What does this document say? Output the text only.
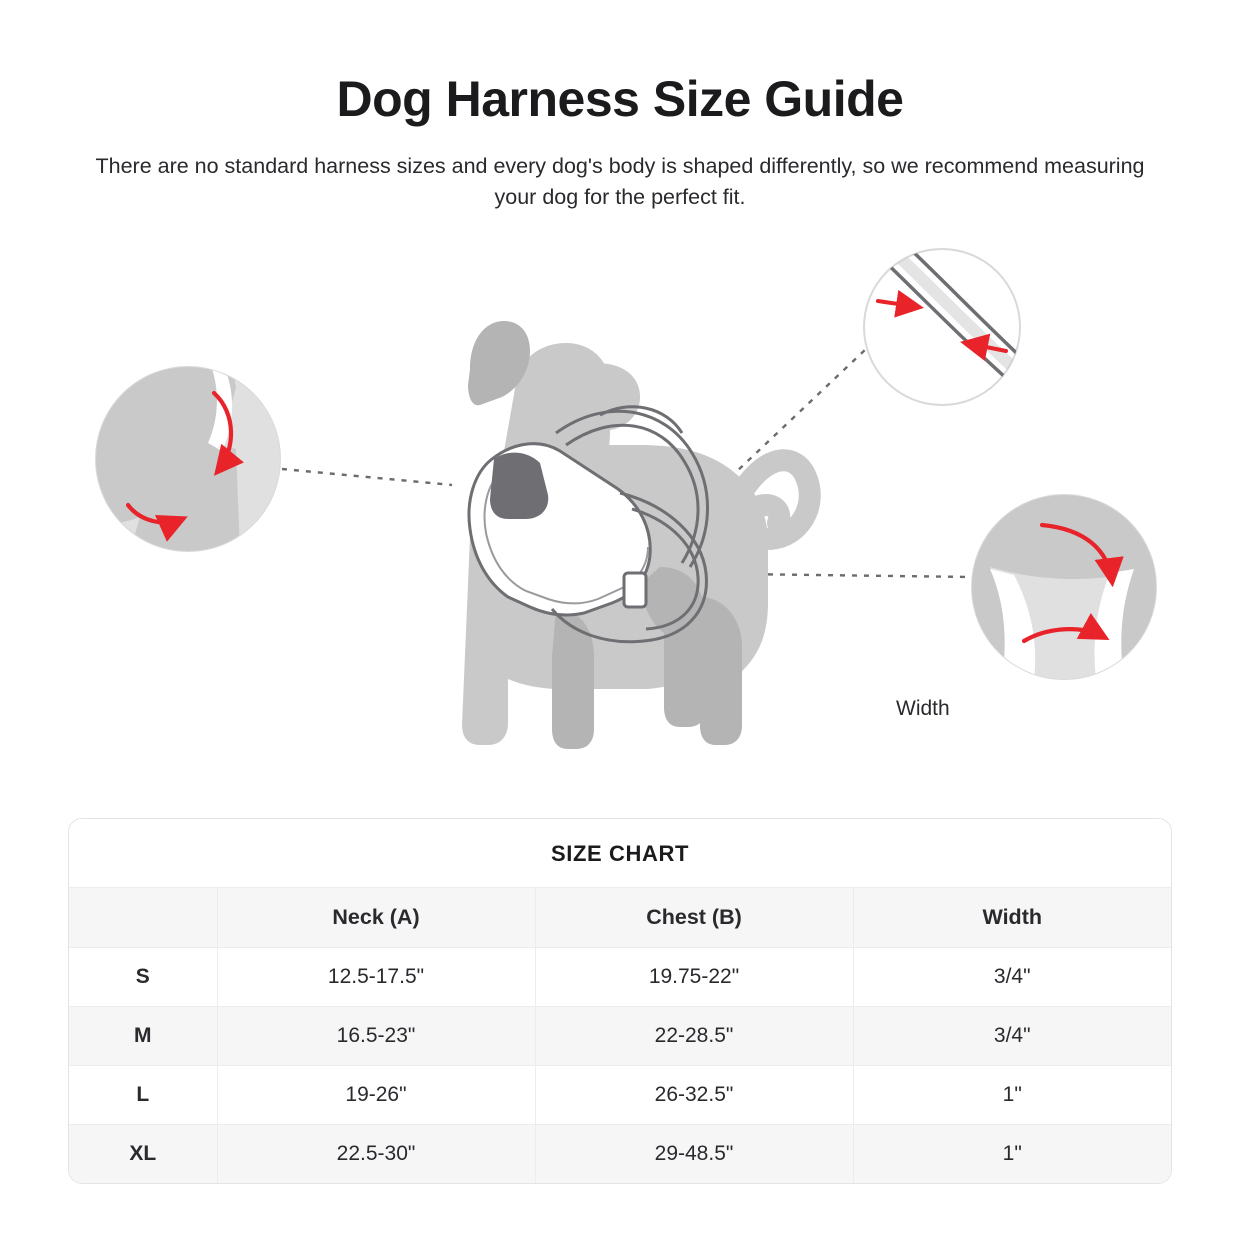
Dog Harness Size Guide

There are no standard harness sizes and every dog's body is shaped differently, so we recommend measuring your dog for the perfect fit.

Width
SIZE CHART
	Neck (A)	Chest (B)	Width
S	12.5-17.5"	19.75-22"	3/4"
M	16.5-23"	22-28.5"	3/4"
L	19-26"	26-32.5"	1"
XL	22.5-30"	29-48.5"	1"
